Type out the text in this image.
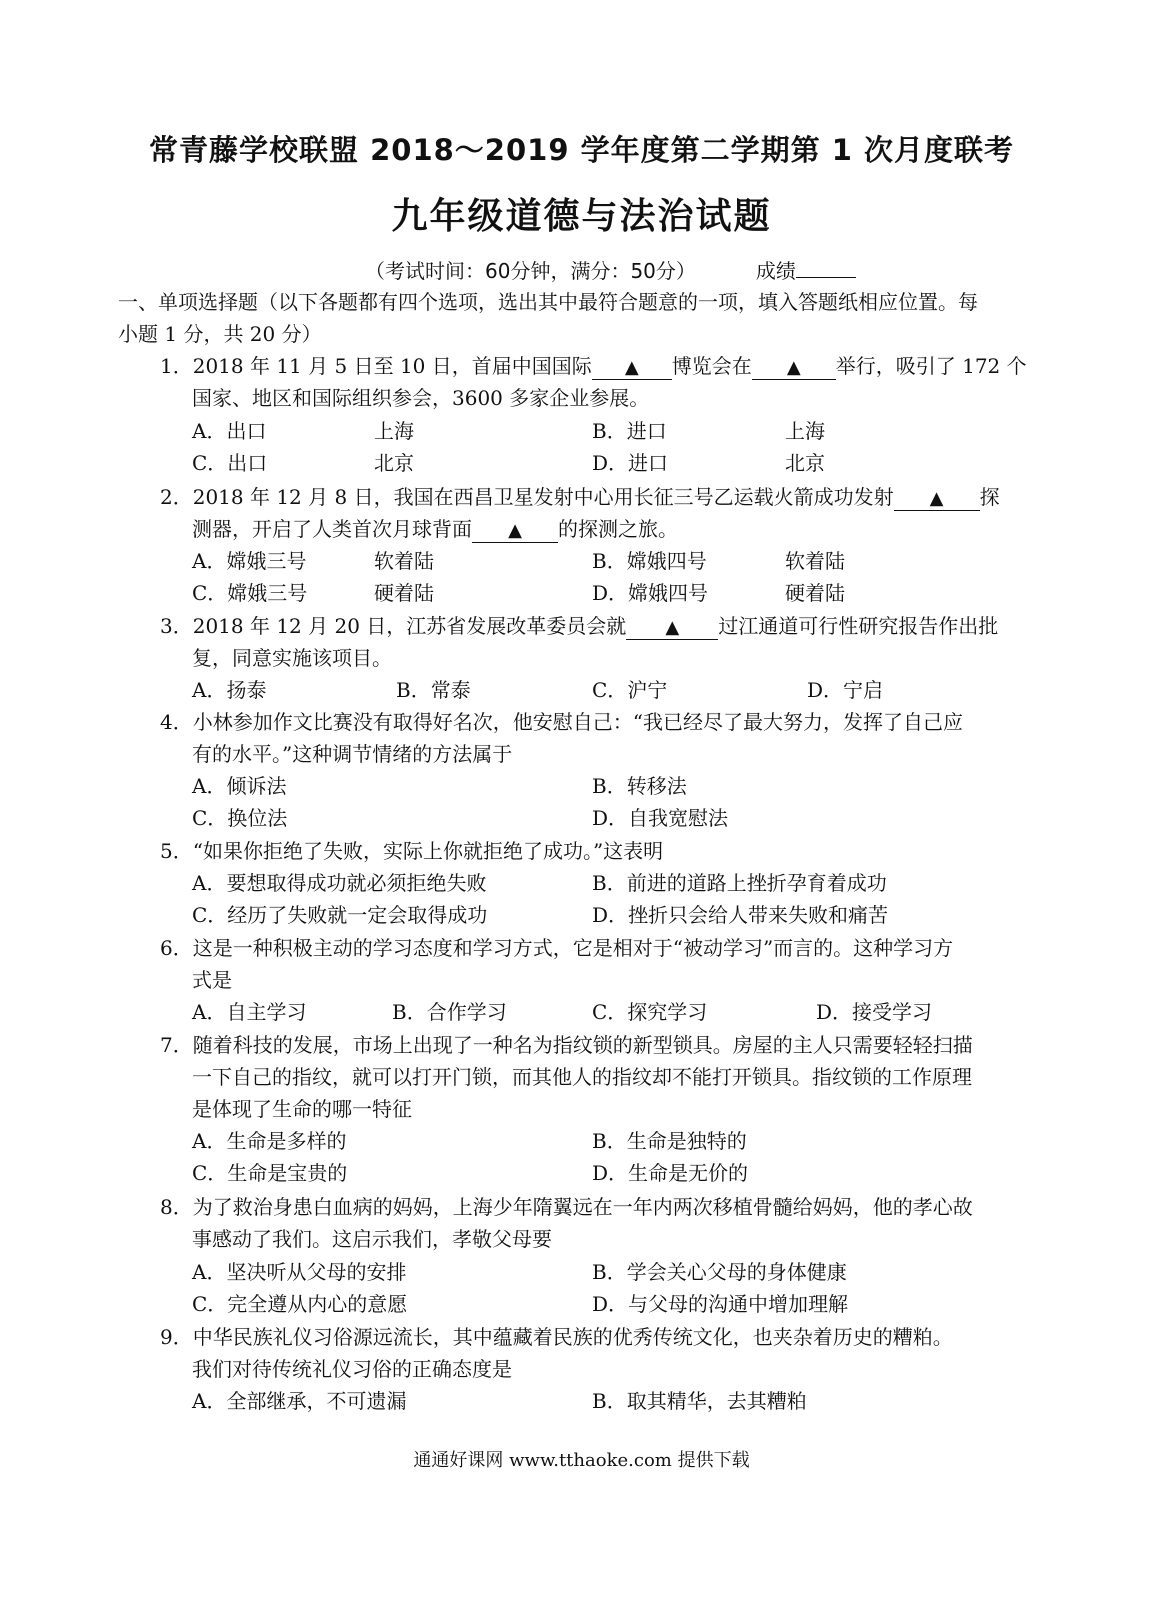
常青藤学校联盟 2018～2019 学年度第二学期第 1 次月度联考
九年级道德与法治试题
（考试时间：60分钟，满分：50分）	成绩
一、单项选择题（以下各题都有四个选项，选出其中最符合题意的一项，填入答题纸相应位置。每
小题 1 分，共 20 分）
1．2018 年 11 月 5 日至 10 日，首届中国国际 ▲ 博览会在 ▲ 举行，吸引了 172 个
国家、地区和国际组织参会，3600 多家企业参展。
A．出口	上海	B．进口	上海
C．出口	北京	D．进口	北京
2．2018 年 12 月 8 日，我国在西昌卫星发射中心用长征三号乙运载火箭成功发射 ▲ 探
测器，开启了人类首次月球背面 ▲ 的探测之旅。
A．嫦娥三号	软着陆	B．嫦娥四号	软着陆
C．嫦娥三号	硬着陆	D．嫦娥四号	硬着陆
3．2018 年 12 月 20 日，江苏省发展改革委员会就 ▲ 过江通道可行性研究报告作出批
复，同意实施该项目。
A．扬泰	B．常泰	C．沪宁	D．宁启
4．小林参加作文比赛没有取得好名次，他安慰自己：“我已经尽了最大努力，发挥了自己应
有的水平。”这种调节情绪的方法属于
A．倾诉法	B．转移法
C．换位法	D．自我宽慰法
5．“如果你拒绝了失败，实际上你就拒绝了成功。”这表明
A．要想取得成功就必须拒绝失败	B．前进的道路上挫折孕育着成功
C．经历了失败就一定会取得成功	D．挫折只会给人带来失败和痛苦
6．这是一种积极主动的学习态度和学习方式，它是相对于“被动学习”而言的。这种学习方
式是
A．自主学习	B．合作学习	C．探究学习	D．接受学习
7．随着科技的发展，市场上出现了一种名为指纹锁的新型锁具。房屋的主人只需要轻轻扫描
一下自己的指纹，就可以打开门锁，而其他人的指纹却不能打开锁具。指纹锁的工作原理
是体现了生命的哪一特征
A．生命是多样的	B．生命是独特的
C．生命是宝贵的	D．生命是无价的
8．为了救治身患白血病的妈妈，上海少年隋翼远在一年内两次移植骨髓给妈妈，他的孝心故
事感动了我们。这启示我们，孝敬父母要
A．坚决听从父母的安排	B．学会关心父母的身体健康
C．完全遵从内心的意愿	D．与父母的沟通中增加理解
9．中华民族礼仪习俗源远流长，其中蕴藏着民族的优秀传统文化，也夹杂着历史的糟粕。
我们对待传统礼仪习俗的正确态度是
A．全部继承，不可遗漏	B．取其精华，去其糟粕
通通好课网 www.tthaoke.com 提供下载
